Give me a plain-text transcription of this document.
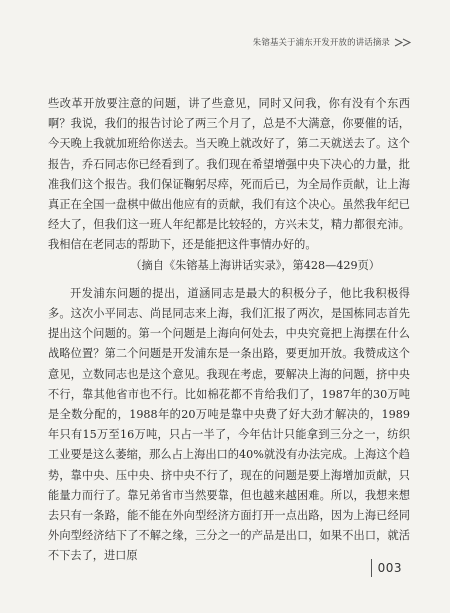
朱镕基关于浦东开发开放的讲话摘录

些改革开放要注意的问题，讲了些意见，同时又问我，你有没有个东西啊？我说，我们的报告讨论了两三个月了，总是不大满意，你要催的话，今天晚上我就加班给你送去。当天晚上就改好了，第二天就送去了。这个报告，乔石同志你已经看到了。我们现在希望增强中央下决心的力量，批准我们这个报告。我们保证鞠躬尽瘁，死而后已，为全局作贡献，让上海真正在全国一盘棋中做出他应有的贡献，我们有这个决心。虽然我年纪已经大了，但我们这一班人年纪都是比较轻的，方兴未艾，精力都很充沛。我相信在老同志的帮助下，还是能把这件事情办好的。

（摘自《朱镕基上海讲话实录》，第428—429页）

开发浦东问题的提出，道涵同志是最大的积极分子，他比我积极得多。这次小平同志、尚昆同志来上海，我们汇报了两次，是国栋同志首先提出这个问题的。第一个问题是上海向何处去，中央究竟把上海摆在什么战略位置？第二个问题是开发浦东是一条出路，要更加开放。我赞成这个意见，立数同志也是这个意见。我现在考虑，要解决上海的问题，挤中央不行，靠其他省市也不行。比如棉花都不肯给我们了，1987年的30万吨是全数分配的，1988年的20万吨是靠中央费了好大劲才解决的，1989年只有15万至16万吨，只占一半了，今年估计只能拿到三分之一，纺织工业要是这么萎缩，那么占上海出口的40%就没有办法完成。上海这个趋势，靠中央、压中央、挤中央不行了，现在的问题是要上海增加贡献，只能量力而行了。靠兄弟省市当然要靠，但也越来越困难。所以，我想来想去只有一条路，能不能在外向型经济方面打开一点出路，因为上海已经同外向型经济结下了不解之缘，三分之一的产品是出口，如果不出口，就活不下去了，进口原

003
